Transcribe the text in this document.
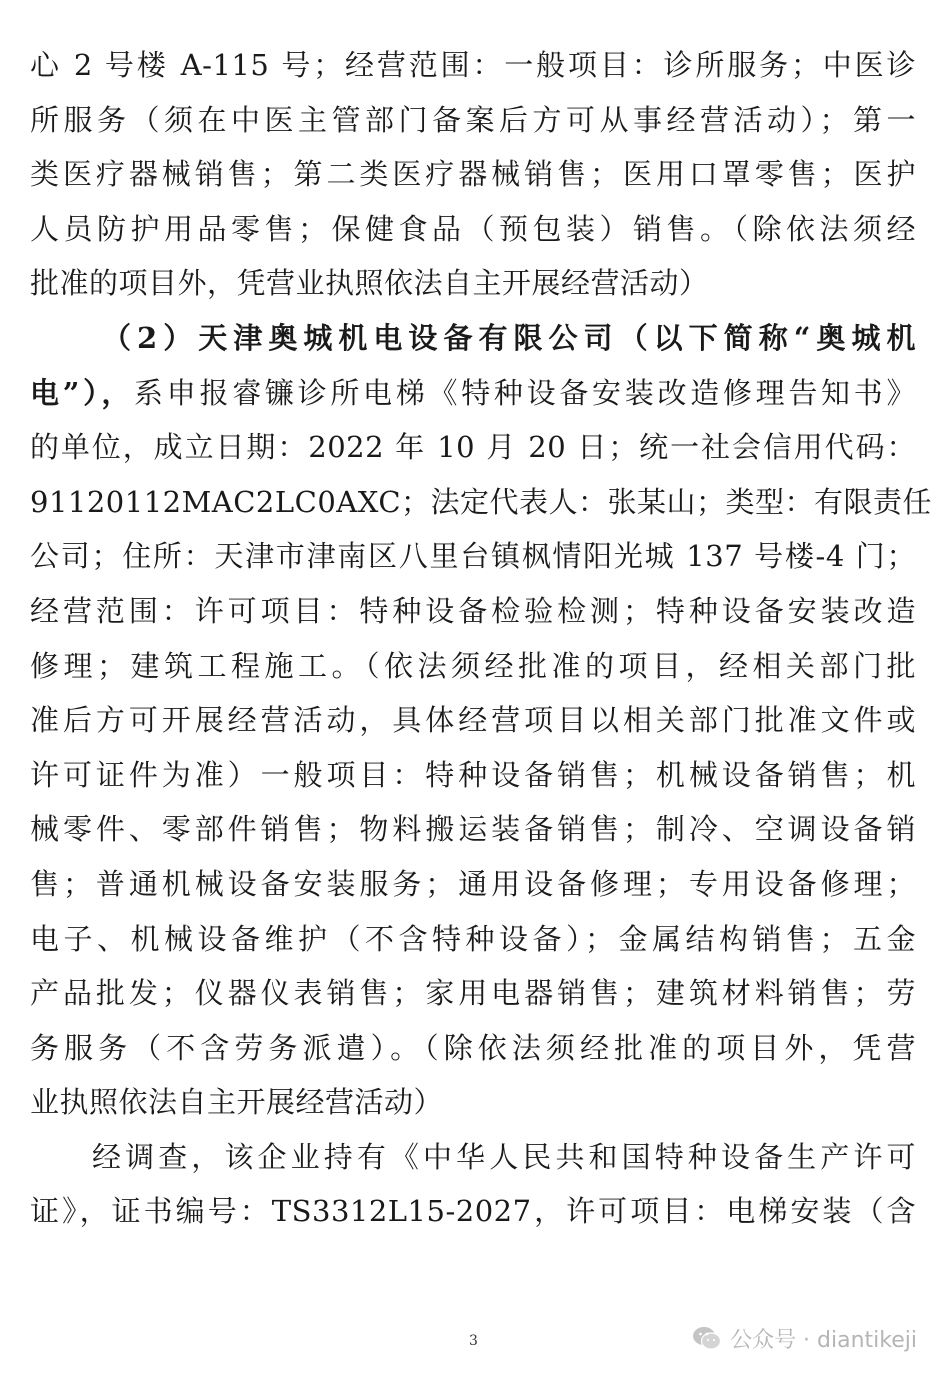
心 2 号楼 A-115 号；经营范围：一般项目：诊所服务；中医诊
所服务（须在中医主管部门备案后方可从事经营活动）；第一
类医疗器械销售；第二类医疗器械销售；医用口罩零售；医护
人员防护用品零售；保健食品（预包装）销售。（除依法须经
批准的项目外，凭营业执照依法自主开展经营活动）
（2）天津奥城机电设备有限公司（以下简称“奥城机
电”），系申报睿镰诊所电梯《特种设备安装改造修理告知书》
的单位，成立日期：2022 年 10 月 20 日；统一社会信用代码：
91120112MAC2LC0AXC；法定代表人：张某山；类型：有限责任
公司；住所：天津市津南区八里台镇枫情阳光城 137 号楼-4 门；
经营范围：许可项目：特种设备检验检测；特种设备安装改造
修理；建筑工程施工。（依法须经批准的项目，经相关部门批
准后方可开展经营活动，具体经营项目以相关部门批准文件或
许可证件为准）一般项目：特种设备销售；机械设备销售；机
械零件、零部件销售；物料搬运装备销售；制冷、空调设备销
售；普通机械设备安装服务；通用设备修理；专用设备修理；
电子、机械设备维护（不含特种设备）；金属结构销售；五金
产品批发；仪器仪表销售；家用电器销售；建筑材料销售；劳
务服务（不含劳务派遣）。（除依法须经批准的项目外，凭营
业执照依法自主开展经营活动）
经调查，该企业持有《中华人民共和国特种设备生产许可
证》，证书编号：TS3312L15-2027，许可项目：电梯安装（含
3	公众号 · diantikeji
